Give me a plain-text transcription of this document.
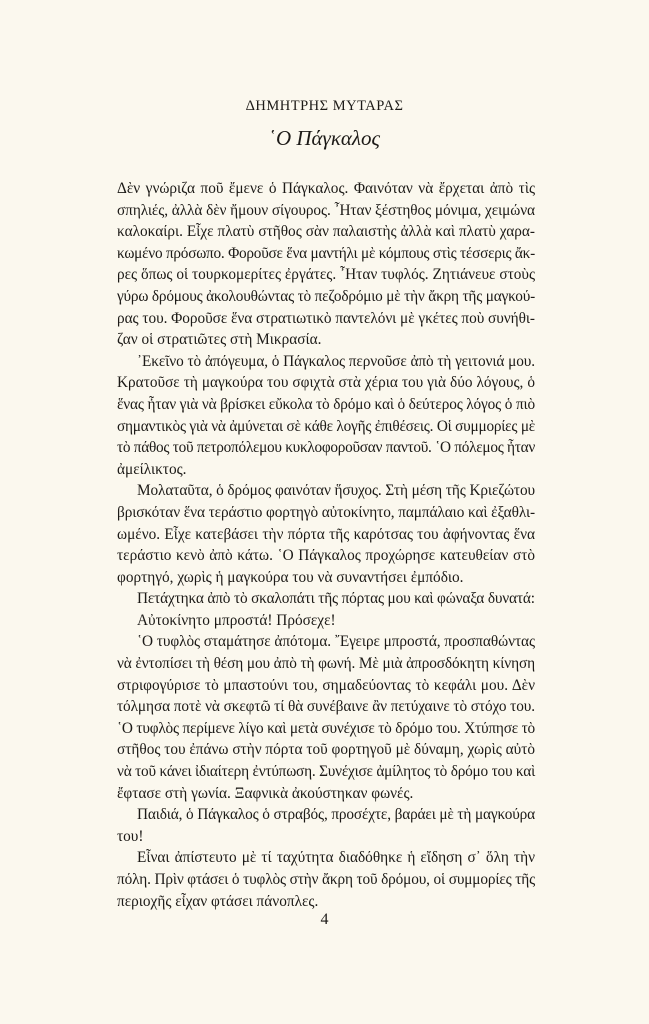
ΔΗΜΗΤΡΗΣ ΜΥΤΑΡΑΣ
῾Ο Πάγκαλος
Δὲν γνώριζα ποῦ ἔμενε ὁ Πάγκαλος. Φαινόταν νὰ ἔρχεται ἀπὸ τὶς
σπηλιές, ἀλλὰ δὲν ἤμουν σίγουρος. ῏Ηταν ξέστηθος μόνιμα, χειμώνα
καλοκαίρι. Εἶχε πλατὺ στῆθος σὰν παλαιστὴς ἀλλὰ καὶ πλατὺ χαρα-
κωμένο πρόσωπο. Φοροῦσε ἕνα μαντήλι μὲ κόμπους στὶς τέσσερις ἄκ-
ρες ὅπως οἱ τουρκομερίτες ἐργάτες. ῏Ηταν τυφλός. Ζητιάνευε στοὺς
γύρω δρόμους ἀκολουθώντας τὸ πεζοδρόμιο μὲ τὴν ἄκρη τῆς μαγκού-
ρας του. Φοροῦσε ἕνα στρατιωτικὸ παντελόνι μὲ γκέτες ποὺ συνήθι-
ζαν οἱ στρατιῶτες στὴ Μικρασία.
᾿Εκεῖνο τὸ ἀπόγευμα, ὁ Πάγκαλος περνοῦσε ἀπὸ τὴ γειτονιά μου.
Κρατοῦσε τὴ μαγκούρα του σφιχτὰ στὰ χέρια του γιὰ δύο λόγους, ὁ
ἕνας ἦταν γιὰ νὰ βρίσκει εὔκολα τὸ δρόμο καὶ ὁ δεύτερος λόγος ὁ πιὸ
σημαντικὸς γιὰ νὰ ἀμύνεται σὲ κάθε λογῆς ἐπιθέσεις. Οἱ συμμορίες μὲ
τὸ πάθος τοῦ πετροπόλεμου κυκλοφοροῦσαν παντοῦ. ῾Ο πόλεμος ἦταν
ἀμείλικτος.
Μολαταῦτα, ὁ δρόμος φαινόταν ἥσυχος. Στὴ μέση τῆς Κριεζώτου
βρισκόταν ἕνα τεράστιο φορτηγὸ αὐτοκίνητο, παμπάλαιο καὶ ἐξαθλι-
ωμένο. Εἶχε κατεβάσει τὴν πόρτα τῆς καρότσας του ἀφήνοντας ἕνα
τεράστιο κενὸ ἀπὸ κάτω. ῾Ο Πάγκαλος προχώρησε κατευθείαν στὸ
φορτηγό, χωρὶς ἡ μαγκούρα του νὰ συναντήσει ἐμπόδιο.
Πετάχτηκα ἀπὸ τὸ σκαλοπάτι τῆς πόρτας μου καὶ φώναξα δυνατά:
Αὐτοκίνητο μπροστά! Πρόσεχε!
῾Ο τυφλὸς σταμάτησε ἀπότομα. ῎Εγειρε μπροστά, προσπαθώντας
νὰ ἐντοπίσει τὴ θέση μου ἀπὸ τὴ φωνή. Μὲ μιὰ ἀπροσδόκητη κίνηση
στριφογύρισε τὸ μπαστούνι του, σημαδεύοντας τὸ κεφάλι μου. Δὲν
τόλμησα ποτὲ νὰ σκεφτῶ τί θὰ συνέβαινε ἂν πετύχαινε τὸ στόχο του.
῾Ο τυφλὸς περίμενε λίγο καὶ μετὰ συνέχισε τὸ δρόμο του. Χτύπησε τὸ
στῆθος του ἐπάνω στὴν πόρτα τοῦ φορτηγοῦ μὲ δύναμη, χωρὶς αὐτὸ
νὰ τοῦ κάνει ἰδιαίτερη ἐντύπωση. Συνέχισε ἀμίλητος τὸ δρόμο του καὶ
ἔφτασε στὴ γωνία. Ξαφνικὰ ἀκούστηκαν φωνές.
Παιδιά, ὁ Πάγκαλος ὁ στραβός, προσέχτε, βαράει μὲ τὴ μαγκούρα
του!
Εἶναι ἀπίστευτο μὲ τί ταχύτητα διαδόθηκε ἡ εἴδηση σ᾿ ὅλη τὴν
πόλη. Πρὶν φτάσει ὁ τυφλὸς στὴν ἄκρη τοῦ δρόμου, οἱ συμμορίες τῆς
περιοχῆς εἶχαν φτάσει πάνοπλες.
4
